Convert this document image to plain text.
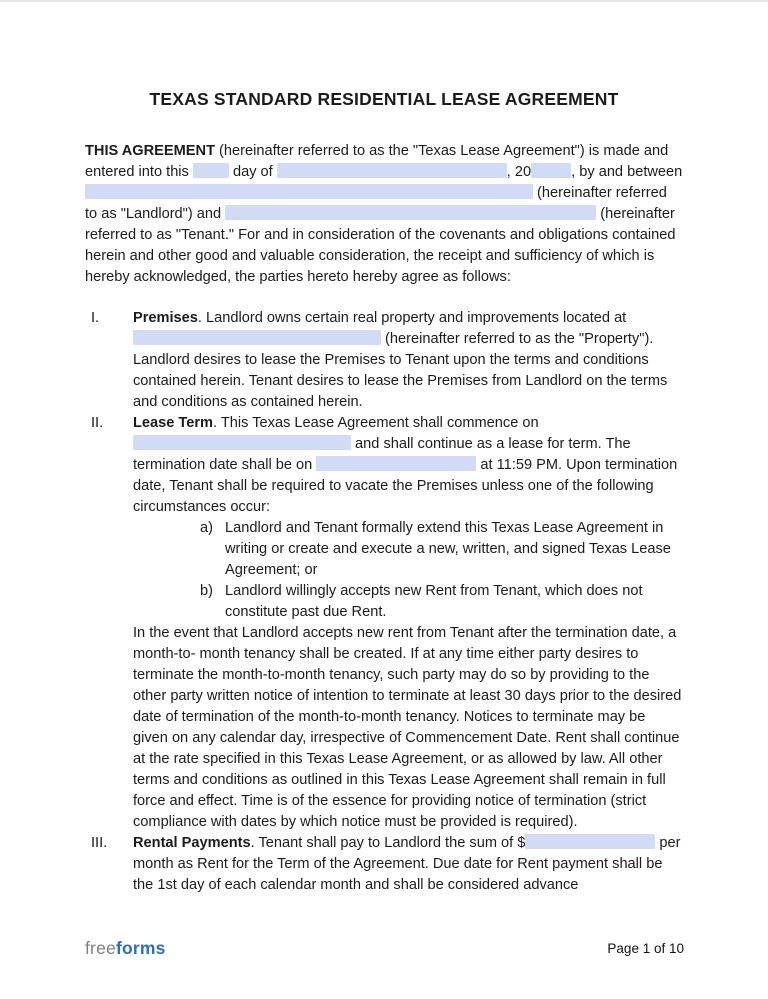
TEXAS STANDARD RESIDENTIAL LEASE AGREEMENT

THIS AGREEMENT (hereinafter referred to as the "Texas Lease Agreement") is made and entered into this  day of	, 20	, by and between  (hereinafter referred to as "Landlord") and	(hereinafter referred to as "Tenant." For and in consideration of the covenants and obligations contained herein and other good and valuable consideration, the receipt and sufficiency of which is hereby acknowledged, the parties hereto hereby agree as follows:

I.	Premises. Landlord owns certain real property and improvements located at  (hereinafter referred to as the "Property"). Landlord desires to lease the Premises to Tenant upon the terms and conditions contained herein. Tenant desires to lease the Premises from Landlord on the terms and conditions as contained herein.
II.	Lease Term. This Texas Lease Agreement shall commence on  and shall continue as a lease for term. The termination date shall be on	at 11:59 PM. Upon termination date, Tenant shall be required to vacate the Premises unless one of the following circumstances occur:
a) Landlord and Tenant formally extend this Texas Lease Agreement in writing or create and execute a new, written, and signed Texas Lease Agreement; or
b) Landlord willingly accepts new Rent from Tenant, which does not constitute past due Rent.
In the event that Landlord accepts new rent from Tenant after the termination date, a month-to- month tenancy shall be created. If at any time either party desires to terminate the month-to-month tenancy, such party may do so by providing to the other party written notice of intention to terminate at least 30 days prior to the desired date of termination of the month-to-month tenancy. Notices to terminate may be given on any calendar day, irrespective of Commencement Date. Rent shall continue at the rate specified in this Texas Lease Agreement, or as allowed by law. All other terms and conditions as outlined in this Texas Lease Agreement shall remain in full force and effect. Time is of the essence for providing notice of termination (strict compliance with dates by which notice must be provided is required).
III.	Rental Payments. Tenant shall pay to Landlord the sum of $	per month as Rent for the Term of the Agreement. Due date for Rent payment shall be the 1st day of each calendar month and shall be considered advance
freeforms	Page 1 of 10
